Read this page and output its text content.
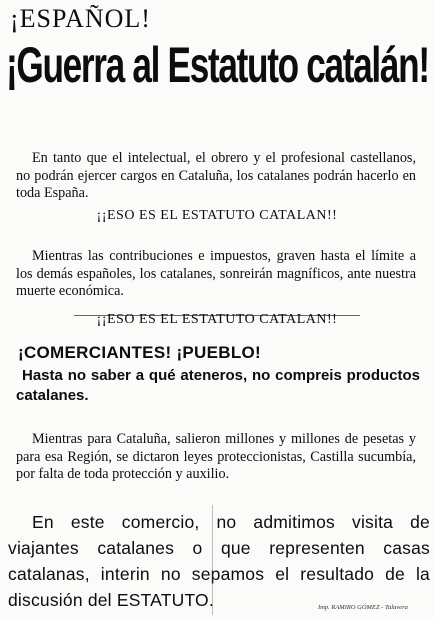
¡ESPAÑOL!
¡Guerra al Estatuto catalán!

En tanto que el intelectual, el obrero y el profesional castellanos, no podrán ejercer cargos en Cataluña, los catalanes podrán hacerlo en toda España.

¡¡ESO ES EL ESTATUTO CATALAN!!

Mientras las contribuciones e impuestos, graven hasta el límite a los demás españoles, los catalanes, sonreirán magníficos, ante nuestra muerte económica.

¡¡ESO ES EL ESTATUTO CATALAN!!

¡COMERCIANTES! ¡PUEBLO!

Hasta no saber a qué ateneros, no compreis productos catalanes.

Mientras para Cataluña, salieron millones y millones de pesetas y para esa Región, se dictaron leyes proteccionistas, Castilla sucumbía, por falta de toda protección y auxilio.

En este comercio, no admitimos visita de viajantes catalanes o que representen casas catalanas, interin no sepamos el resultado de la discusión del ESTATUTO.	Imp. RAMIRO GÓMEZ - Talavera
